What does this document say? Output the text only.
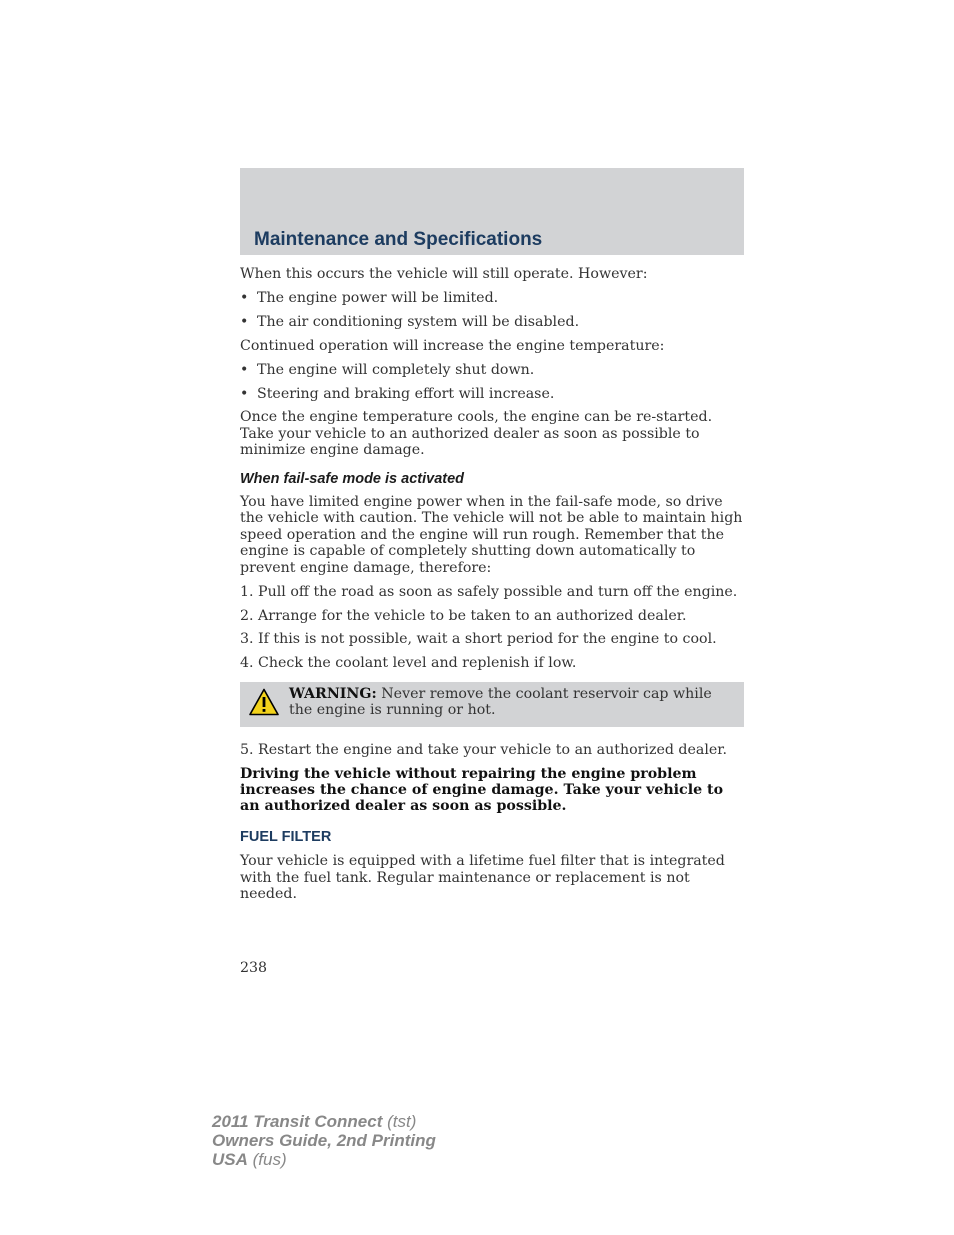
Maintenance and Specifications

When this occurs the vehicle will still operate. However:

• The engine power will be limited.
• The air conditioning system will be disabled.

Continued operation will increase the engine temperature:

• The engine will completely shut down.
• Steering and braking effort will increase.

Once the engine temperature cools, the engine can be re-started. Take your vehicle to an authorized dealer as soon as possible to minimize engine damage.

When fail-safe mode is activated

You have limited engine power when in the fail-safe mode, so drive the vehicle with caution. The vehicle will not be able to maintain high speed operation and the engine will run rough. Remember that the engine is capable of completely shutting down automatically to prevent engine damage, therefore:

1. Pull off the road as soon as safely possible and turn off the engine.

2. Arrange for the vehicle to be taken to an authorized dealer.

3. If this is not possible, wait a short period for the engine to cool.

4. Check the coolant level and replenish if low.

WARNING: Never remove the coolant reservoir cap while the engine is running or hot.

5. Restart the engine and take your vehicle to an authorized dealer.

Driving the vehicle without repairing the engine problem increases the chance of engine damage. Take your vehicle to an authorized dealer as soon as possible.

FUEL FILTER

Your vehicle is equipped with a lifetime fuel filter that is integrated with the fuel tank. Regular maintenance or replacement is not needed.

238
2011 Transit Connect (tst)
Owners Guide, 2nd Printing
USA (fus)
